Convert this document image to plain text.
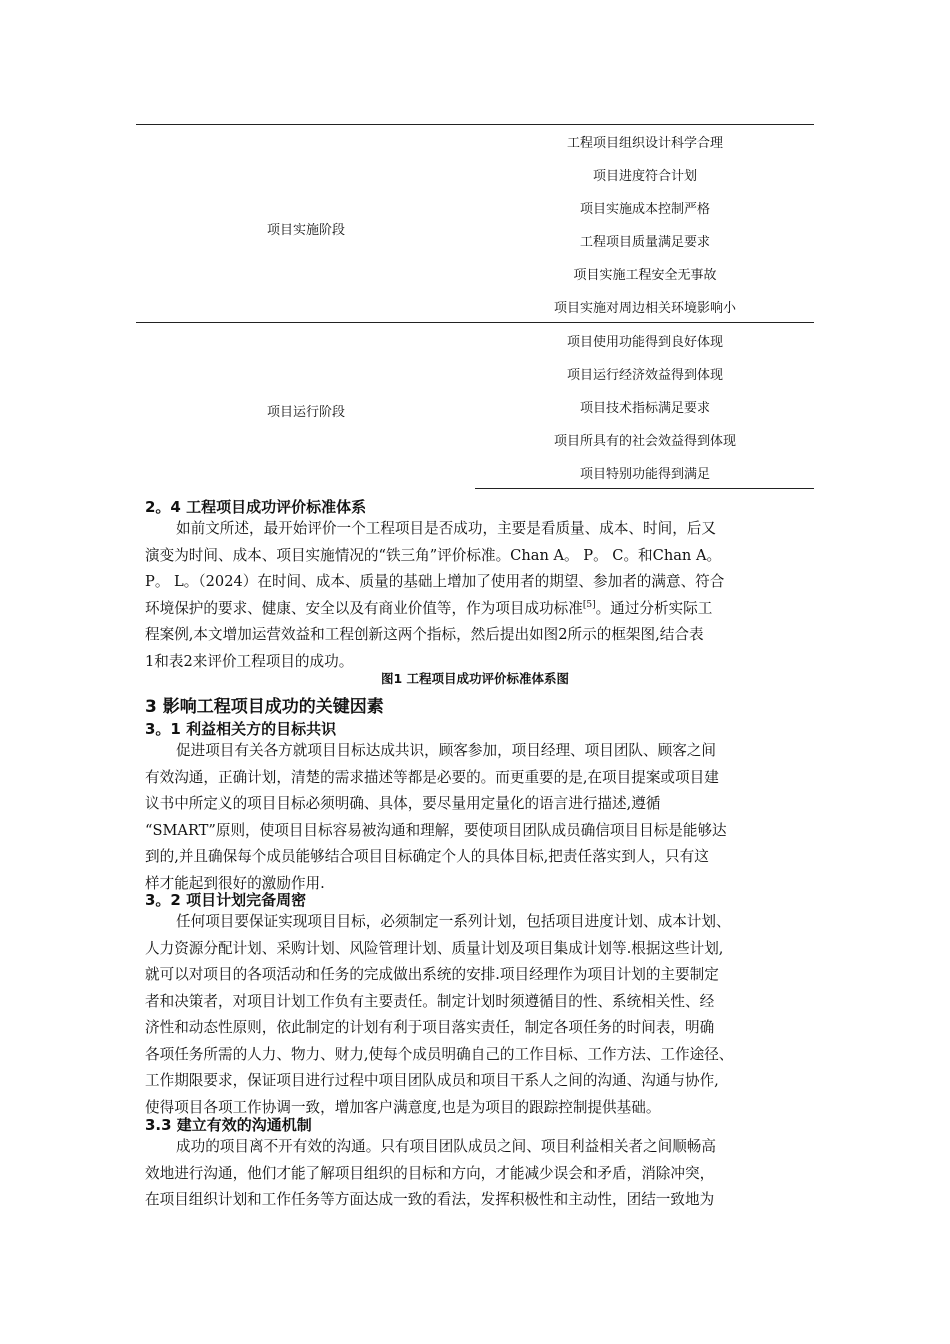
项目实施阶段
工程项目组织设计科学合理
项目进度符合计划
项目实施成本控制严格
工程项目质量满足要求
项目实施工程安全无事故
项目实施对周边相关环境影响小
项目运行阶段
项目使用功能得到良好体现
项目运行经济效益得到体现
项目技术指标满足要求
项目所具有的社会效益得到体现
项目特别功能得到满足
2。4 工程项目成功评价标准体系
如前文所述，最开始评价一个工程项目是否成功，主要是看质量、成本、时间，后又
演变为时间、成本、项目实施情况的“铁三角”评价标准。Chan A。 P。 C。和Chan A。
P。 L。（2024）在时间、成本、质量的基础上增加了使用者的期望、参加者的满意、符合
环境保护的要求、健康、安全以及有商业价值等，作为项目成功标准[5]。通过分析实际工
程案例,本文增加运营效益和工程创新这两个指标，然后提出如图2所示的框架图,结合表
1和表2来评价工程项目的成功。
图1 工程项目成功评价标准体系图
3 影响工程项目成功的关键因素
3。1 利益相关方的目标共识
促进项目有关各方就项目目标达成共识，顾客参加，项目经理、项目团队、顾客之间
有效沟通，正确计划，清楚的需求描述等都是必要的。而更重要的是,在项目提案或项目建
议书中所定义的项目目标必须明确、具体，要尽量用定量化的语言进行描述,遵循
“SMART”原则，使项目目标容易被沟通和理解，要使项目团队成员确信项目目标是能够达
到的,并且确保每个成员能够结合项目目标确定个人的具体目标,把责任落实到人，只有这
样才能起到很好的激励作用.
3。2 项目计划完备周密
任何项目要保证实现项目目标，必须制定一系列计划，包括项目进度计划、成本计划、
人力资源分配计划、采购计划、风险管理计划、质量计划及项目集成计划等.根据这些计划,
就可以对项目的各项活动和任务的完成做出系统的安排.项目经理作为项目计划的主要制定
者和决策者，对项目计划工作负有主要责任。制定计划时须遵循目的性、系统相关性、经
济性和动态性原则，依此制定的计划有利于项目落实责任，制定各项任务的时间表，明确
各项任务所需的人力、物力、财力,使每个成员明确自己的工作目标、工作方法、工作途径、
工作期限要求，保证项目进行过程中项目团队成员和项目干系人之间的沟通、沟通与协作,
使得项目各项工作协调一致，增加客户满意度,也是为项目的跟踪控制提供基础。
3.3 建立有效的沟通机制
成功的项目离不开有效的沟通。只有项目团队成员之间、项目利益相关者之间顺畅高
效地进行沟通，他们才能了解项目组织的目标和方向，才能减少误会和矛盾，消除冲突，
在项目组织计划和工作任务等方面达成一致的看法，发挥积极性和主动性，团结一致地为
